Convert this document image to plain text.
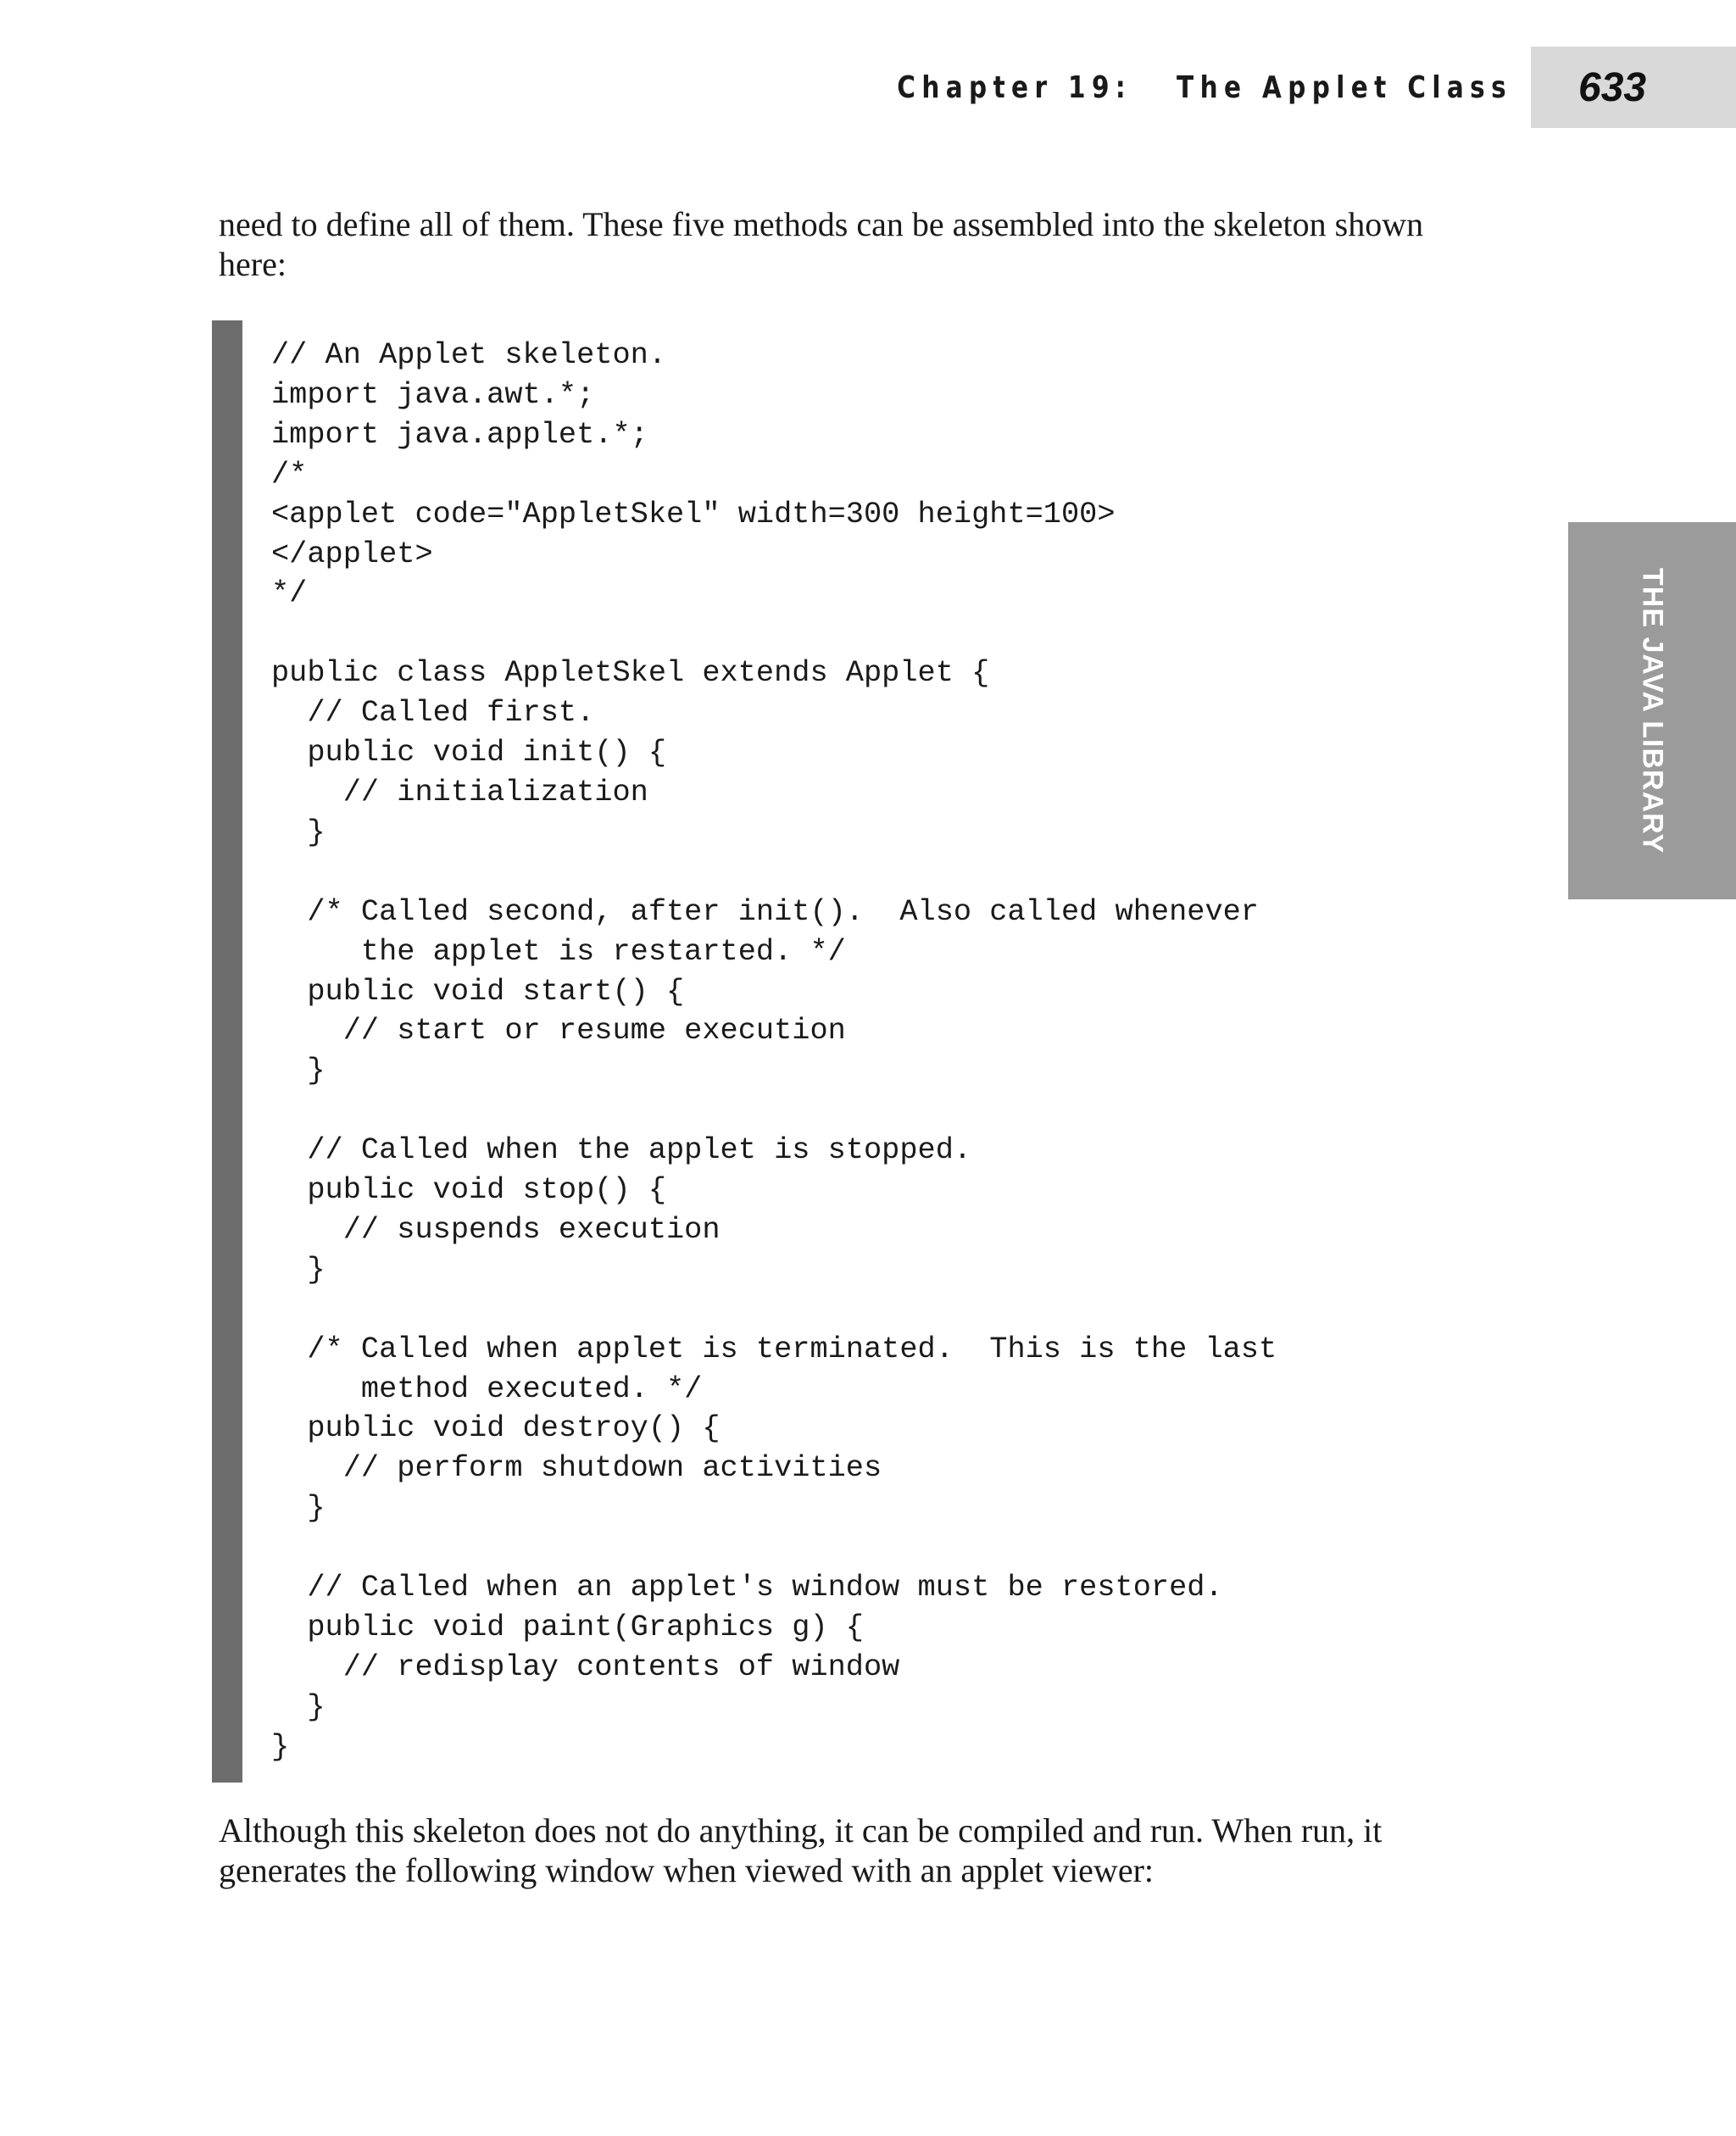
Chapter 19:   The Applet Class 633
THE JAVA LIBRARY

need to define all of them. These five methods can be assembled into the skeleton shown here:

// An Applet skeleton.
import java.awt.*;
import java.applet.*;
/*
<applet code="AppletSkel" width=300 height=100>
</applet>
*/

public class AppletSkel extends Applet {
// Called first.
public void init() {
// initialization
}

/* Called second, after init().  Also called whenever
the applet is restarted. */
public void start() {
// start or resume execution
}

// Called when the applet is stopped.
public void stop() {
// suspends execution
}

/* Called when applet is terminated.  This is the last
method executed. */
public void destroy() {
// perform shutdown activities
}

// Called when an applet's window must be restored.
public void paint(Graphics g) {
// redisplay contents of window
}
}

Although this skeleton does not do anything, it can be compiled and run. When run, it generates the following window when viewed with an applet viewer:
